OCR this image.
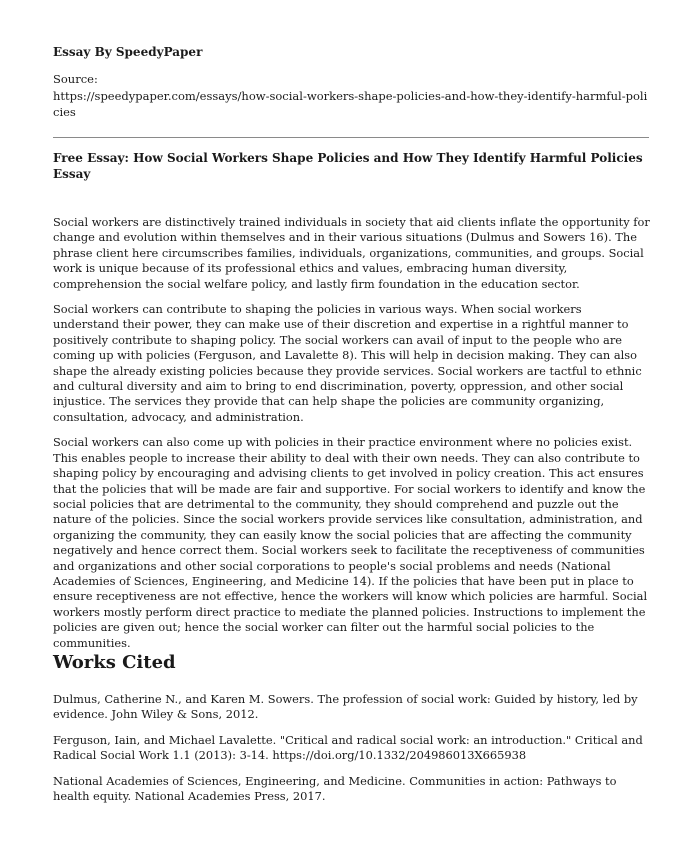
Essay By SpeedyPaper
Source:
https://speedypaper.com/essays/how-social-workers-shape-policies-and-how-they-identify-harmful-policies
Free Essay: How Social Workers Shape Policies and How They Identify Harmful Policies Essay

Social workers are distinctively trained individuals in society that aid clients inflate the opportunity for change and evolution within themselves and in their various situations (Dulmus and Sowers 16). The phrase client here circumscribes families, individuals, organizations, communities, and groups. Social work is unique because of its professional ethics and values, embracing human diversity, comprehension the social welfare policy, and lastly firm foundation in the education sector.

Social workers can contribute to shaping the policies in various ways. When social workers understand their power, they can make use of their discretion and expertise in a rightful manner to positively contribute to shaping policy. The social workers can avail of input to the people who are coming up with policies (Ferguson, and Lavalette 8). This will help in decision making. They can also shape the already existing policies because they provide services. Social workers are tactful to ethnic and cultural diversity and aim to bring to end discrimination, poverty, oppression, and other social injustice. The services they provide that can help shape the policies are community organizing, consultation, advocacy, and administration.

Social workers can also come up with policies in their practice environment where no policies exist. This enables people to increase their ability to deal with their own needs. They can also contribute to shaping policy by encouraging and advising clients to get involved in policy creation. This act ensures that the policies that will be made are fair and supportive. For social workers to identify and know the social policies that are detrimental to the community, they should comprehend and puzzle out the nature of the policies. Since the social workers provide services like consultation, administration, and organizing the community, they can easily know the social policies that are affecting the community negatively and hence correct them. Social workers seek to facilitate the receptiveness of communities and organizations and other social corporations to people's social problems and needs (National Academies of Sciences, Engineering, and Medicine 14). If the policies that have been put in place to ensure receptiveness are not effective, hence the workers will know which policies are harmful. Social workers mostly perform direct practice to mediate the planned policies. Instructions to implement the policies are given out; hence the social worker can filter out the harmful social policies to the communities.

Works Cited

Dulmus, Catherine N., and Karen M. Sowers. The profession of social work: Guided by history, led by evidence. John Wiley & Sons, 2012.

Ferguson, Iain, and Michael Lavalette. "Critical and radical social work: an introduction." Critical and Radical Social Work 1.1 (2013): 3-14. https://doi.org/10.1332/204986013X665938

National Academies of Sciences, Engineering, and Medicine. Communities in action: Pathways to health equity. National Academies Press, 2017.
